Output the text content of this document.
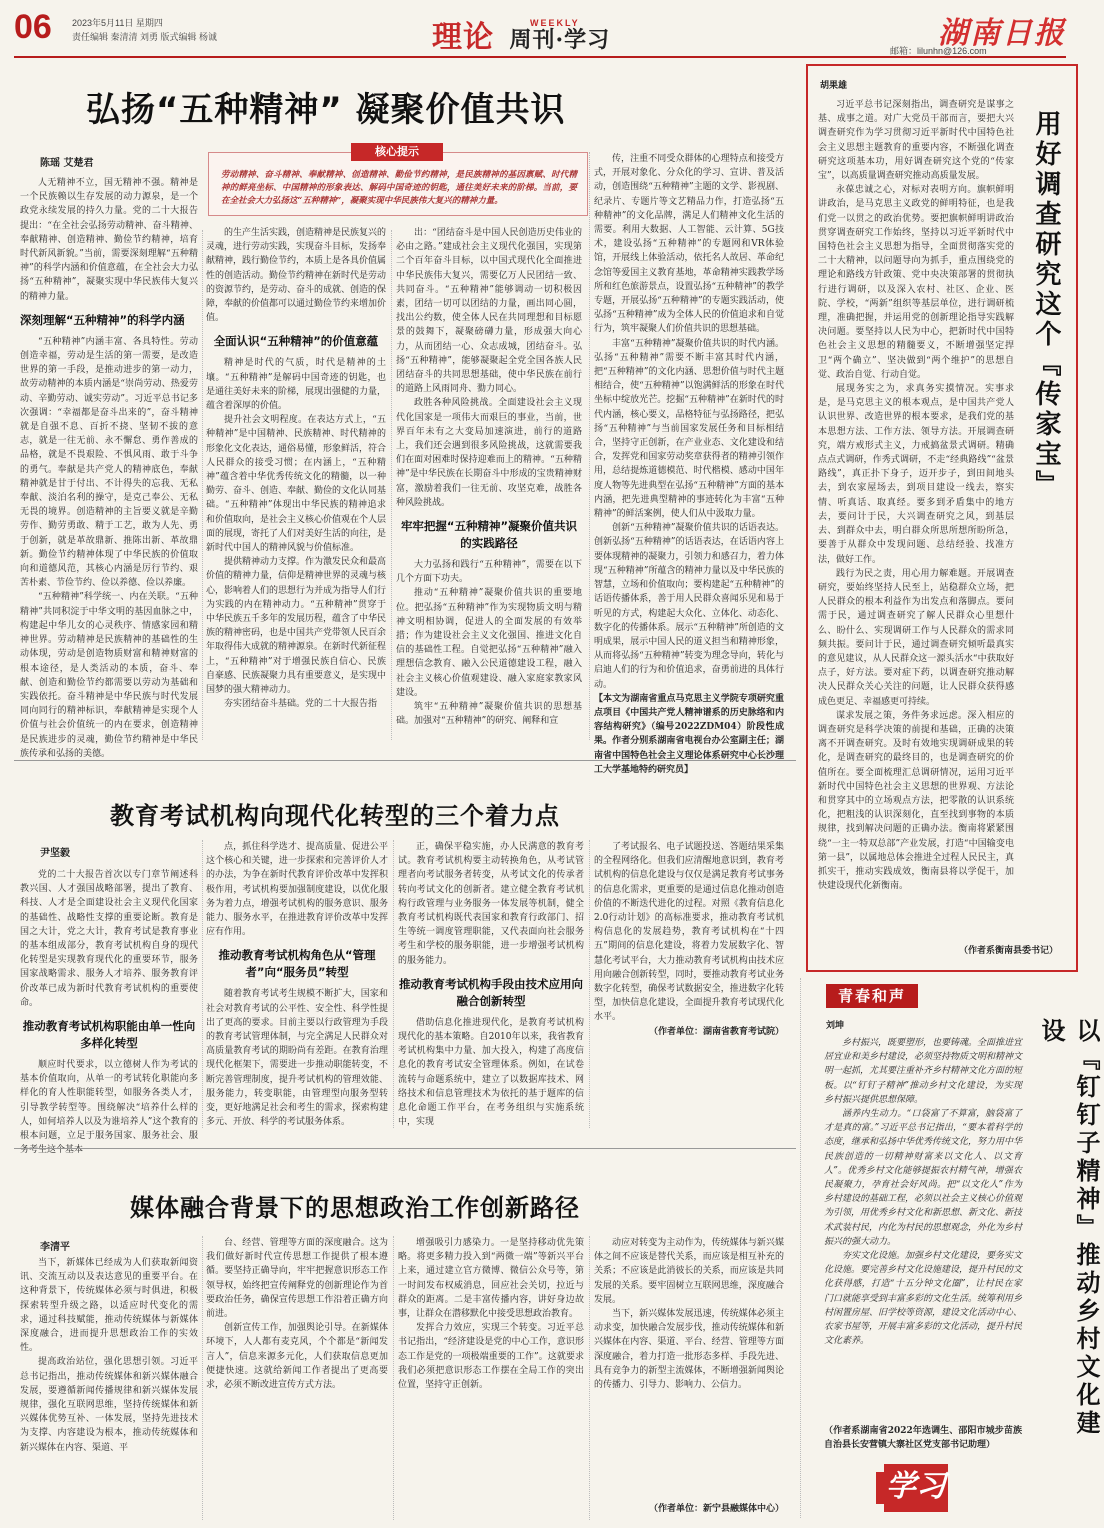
06 2023年5月11日 星期四
责任编辑 秦清清 刘勇 版式编辑 杨诚	理论	WEEKLY
周刊·学习	邮箱：lilunhn@126.com
湖南日报
弘扬“五种精神” 凝聚价值共识
陈瑶 艾楚君
核心提示
劳动精神、奋斗精神、奉献精神、创造精神、勤俭节约精神，是民族精神的基因禀赋、时代精神的鲜亮坐标、中国精神的形象表达、解码中国奇迹的钥匙，通往美好未来的阶梯。当前，要在全社会大力弘扬这“五种精神”，凝聚实现中华民族伟大复兴的精神力量。

人无精神不立，国无精神不强。精神是一个民族赖以生存发展的动力源泉，是一个政党永续发展的持久力量。党的二十大报告提出：“在全社会弘扬劳动精神、奋斗精神、奉献精神、创造精神、勤俭节约精神，培育时代新风新貌。”当前，需要深刻理解“五种精神”的科学内涵和价值意蕴，在全社会大力弘扬“五种精神”，凝聚实现中华民族伟大复兴的精神力量。

深刻理解“五种精神”的科学内涵

“五种精神”内涵丰富、各具特性。劳动创造幸福，劳动是生活的第一需要，是改造世界的第一手段，是推动进步的第一动力，故劳动精神的本质内涵是“崇尚劳动、热爱劳动、辛勤劳动、诚实劳动”。习近平总书记多次强调：“幸福都是奋斗出来的”，奋斗精神就是自强不息、百折不挠、坚韧不拔的意志，就是一往无前、永不懈怠、勇作善成的品格，就是不畏艰险、不惧风雨、敢于斗争的勇气。奉献是共产党人的精神底色，奉献精神就是甘于付出、不计得失的忘我、无私奉献、淡泊名利的操守，是克己奉公、无私无畏的境界。创造精神的主旨要义就是辛勤劳作、勤劳勇敢、精于工艺，敢为人先、勇于创新，就是革故鼎新、推陈出新、革故鼎新。勤俭节约精神体现了中华民族的价值取向和道德风范，其核心内涵是厉行节约、艰苦朴素、节俭节约、俭以养德、俭以养廉。

“五种精神”科学统一、内在关联。“五种精神”共同积淀于中华文明的基因血脉之中，构建起中华儿女的心灵秩序、情感家园和精神世界。劳动精神是民族精神的基础性的生动体现，劳动是创造物质财富和精神财富的根本途径，是人类活动的本质，奋斗、奉献、创造和勤俭节约都需要以劳动为基础和实践依托。奋斗精神是中华民族与时代发展同向同行的精神标识，奉献精神是实现个人价值与社会价值统一的内在要求，创造精神是民族进步的灵魂，勤俭节约精神是中华民族传承和弘扬的美德。

的生产生活实践，创造精神是民族复兴的灵魂，进行劳动实践，实现奋斗目标，发扬奉献精神，践行勤俭节约，本质上是各具价值属性的创造活动。勤俭节约精神在新时代是劳动的资源节约，是劳动、奋斗的成就、创造的保障，奉献的价值都可以通过勤俭节约来增加价值。

全面认识“五种精神”的价值意蕴

精神是时代的气质，时代是精神的土壤。“五种精神”是解码中国奇迹的钥匙，也是通往美好未来的阶梯，展现出强健的力量，蕴含着深厚的价值。

提升社会文明程度。在表达方式上，“五种精神”是中国精神、民族精神、时代精神的形象化文化表达，通俗易懂，形象鲜活，符合人民群众的接受习惯；在内涵上，“五种精神”蕴含着中华优秀传统文化的精髓，以一种勤劳、奋斗、创造、奉献、勤俭的文化认同基础。“五种精神”体现出中华民族的精神追求和价值取向，是社会主义核心价值观在个人层面的展现，寄托了人们对美好生活的向往，是新时代中国人的精神风貌与价值标准。

提供精神动力支撑。作为激发民众和最高价值的精神力量，信仰是精神世界的灵魂与核心，影响着人们的思想行为并成为指导人们行为实践的内在精神动力。“五种精神”贯穿于中华民族五千多年的发展历程，蕴含了中华民族的精神密码，也是中国共产党带领人民百余年取得伟大成就的精神源泉。在新时代新征程上，“五种精神”对于增强民族自信心、民族自豪感、民族凝聚力具有重要意义，是实现中国梦的强大精神动力。

夯实团结奋斗基础。党的二十大报告指

出：“团结奋斗是中国人民创造历史伟业的必由之路。”建成社会主义现代化强国，实现第二个百年奋斗目标，以中国式现代化全面推进中华民族伟大复兴，需要亿万人民团结一致、共同奋斗。“五种精神”能够调动一切积极因素，团结一切可以团结的力量，画出同心圆，找出公约数，使全体人民在共同理想和目标愿景的鼓舞下，凝聚磅礴力量，形成强大向心力，从而团结一心、众志成城，团结奋斗。弘扬“五种精神”，能够凝聚起全党全国各族人民团结奋斗的共同思想基础，使中华民族在前行的道路上风雨同舟、勠力同心。

政胜各种风险挑战。全面建设社会主义现代化国家是一项伟大而艰巨的事业，当前，世界百年未有之大变局加速演进，前行的道路上，我们还会遇到很多风险挑战，这就需要我们在面对困难时保持迎难而上的精神。“五种精神”是中华民族在长期奋斗中形成的宝贵精神财富，激励着我们一往无前、攻坚克难，战胜各种风险挑战。

牢牢把握“五种精神”凝聚价值共识的实践路径

大力弘扬和践行“五种精神”，需要在以下几个方面下功夫。

推动“五种精神”凝聚价值共识的重要地位。把弘扬“五种精神”作为实现物质文明与精神文明相协调，促进人的全面发展的有效举措；作为建设社会主义文化强国、推进文化自信的基础性工程。自觉把弘扬“五种精神”融入理想信念教育、融入公民道德建设工程，融入社会主义核心价值观建设、融入家庭家教家风建设。

筑牢“五种精神”凝聚价值共识的思想基础。加强对“五种精神”的研究、阐释和宣

传，注重不同受众群体的心理特点和接受方式，开展对象化、分众化的学习、宣讲、普及活动，创造围绕“五种精神”主题的文学、影视剧、纪录片、专题片等文艺精品力作，打造弘扬“五种精神”的文化品牌，满足人们精神文化生活的需要。利用大数据、人工智能、云计算、5G技术，建设弘扬“五种精神”的专题网和VR体验馆，开展线上体验活动，依托名人故居、革命纪念馆等爱国主义教育基地，革命精神实践教学场所和红色旅游景点，设置弘扬“五种精神”的教学专题，开展弘扬“五种精神”的专题实践活动，使弘扬“五种精神”成为全体人民的价值追求和自觉行为，筑牢凝聚人们价值共识的思想基础。

丰富“五种精神”凝聚价值共识的时代内涵。弘扬“五种精神”需要不断丰富其时代内涵，把“五种精神”的文化内涵、思想价值与时代主题相结合，使“五种精神”以饱满鲜活的形象在时代坐标中绽放光芒。挖掘“五种精神”在新时代的时代内涵，核心要义，品格特征与弘扬路径，把弘扬“五种精神”与当前国家发展任务和目标相结合，坚持守正创新，在产业业态、文化建设和结合，发挥党和国家劳动奖章获得者的精神引领作用，总结提炼道德模范、时代楷模、感动中国年度人物等先进典型在弘扬“五种精神”方面的基本内涵，把先进典型精神的事迹转化为丰富“五种精神”的鲜活案例，使人们从中汲取力量。

创新“五种精神”凝聚价值共识的话语表达。创新弘扬“五种精神”的话语表达，在话语内容上要体现精神的凝聚力，引领力和感召力，着力体现“五种精神”所蕴含的精神力量以及中华民族的智慧，立场和价值取向；要构建起“五种精神”的话语传播体系，善于用人民群众喜闻乐见和易于听见的方式，构建起大众化、立体化、动态化、数字化的传播体系。展示“五种精神”所创造的文明成果，展示中国人民的道义担当和精神形象，从而将弘扬“五种精神”转变为理念导向，转化与启迪人们的行为和价值追求，奋勇前进的具体行动。

【本文为湖南省重点马克思主义学院专项研究重点项目《中国共产党人精神谱系的历史脉络和内容结构研究》（编号2022ZDM04）阶段性成果。作者分别系湖南省电视台办公室副主任；湖南省中国特色社会主义理论体系研究中心长沙理工大学基地特约研究员】

胡果雄
用好调查研究这个『传家宝』

习近平总书记深刻指出，调查研究是谋事之基、成事之道。对广大党员干部而言，要把大兴调查研究作为学习贯彻习近平新时代中国特色社会主义思想主题教育的重要内容，不断强化调查研究这项基本功，用好调查研究这个党的“传家宝”，以高质量调查研究推动高质量发展。

永葆忠诚之心，对标对表明方向。旗帜鲜明讲政治，是马克思主义政党的鲜明特征，也是我们党一以贯之的政治优势。要把旗帜鲜明讲政治贯穿调查研究工作始终，坚持以习近平新时代中国特色社会主义思想为指导，全面贯彻落实党的二十大精神，以问题导向为抓手，重点围绕党的理论和路线方针政策、党中央决策部署的贯彻执行进行调研，以及深入农村、社区、企业、医院、学校，“两新”组织等基层单位，进行调研梳理，准确把握，并运用党的创新理论指导实践解决问题。要坚持以人民为中心，把新时代中国特色社会主义思想的精髓要义，不断增强坚定捍卫“两个确立”、坚决做到“两个维护”的思想自觉、政治自觉、行动自觉。

展现务实之为，求真务实摸情况。实事求是，是马克思主义的根本观点，是中国共产党人认识世界、改造世界的根本要求，是我们党的基本思想方法、工作方法、领导方法。开展调查研究，端方戒形式主义，力戒搞盆景式调研。精确点点式调研，作秀式调研，不走“经典路线”“盆景路线”，真正扑下身子，迈开步子，到田间地头去，到农家屋场去，到项目建设一线去，察实情、听真话、取真经。要多到矛盾集中的地方去，要问计于民，大兴调查研究之风，到基层去、到群众中去，明白群众所思所想所盼所急，要善于从群众中发现问题、总结经验、找准方法，做好工作。

践行为民之责，用心用力解难题。开展调查研究，要始终坚持人民至上，站稳群众立场，把人民群众的根本利益作为出发点和落脚点。要问需于民，通过调查研究了解人民群众心里想什么、盼什么、实现调研工作与人民群众的需求同频共振。要问计于民，通过调查研究倾听最真实的意见建议，从人民群众这一源头活水“中获取好点子，好方法。要对症下药，以调查研究推动解决人民群众关心关注的问题，让人民群众获得感成色更足、幸福感更可持续。

谋求发展之策，务件务求远虑。深入相应的调查研究是科学决策的前提和基础，正确的决策离不开调查研究。及时有效地实现调研成果的转化，是调查研究的最终目的，也是调查研究的价值所在。要全面梳理汇总调研情况，运用习近平新时代中国特色社会主义思想的世界观、方法论和贯穿其中的立场观点方法，把零散的认识系统化，把粗浅的认识深刻化，直至找到事物的本质规律，找到解决问题的正确办法。衡南将紧紧围绕“一主一特双总部”产业发展，打造“中国输变电第一县”，以属地总体会推进全过程人民民主，真抓实干，推动实践成效，衡南县将以学促干，加快建设现代化新衡南。

（作者系衡南县委书记）

教育考试机构向现代化转型的三个着力点
尹坚毅

党的二十大报告首次以专门章节阐述科教兴国、人才强国战略部署，提出了教育、科技、人才是全面建设社会主义现代化国家的基础性、战略性支撑的重要论断。教育是国之大计，党之大计，教育考试是教育事业的基本组成部分，教育考试机构自身的现代化转型是实现教育现代化的重要环节，服务国家战略需求、服务人才培养、服务教育评价改革已成为新时代教育考试机构的重要使命。

推动教育考试机构职能由单一性向多样化转型

顺应时代要求，以立德树人作为考试的基本价值取向，从单一的考试转化职能向多样化的育人性职能转型，如服务各类人才，引导教学转型等。围绕解决“培养什么样的人，如何培养人以及为谁培养人”这个教育的根本问题，立足于服务国家、服务社会、服务考生这个基本

点，抓住科学选才、提高质量、促进公平这个核心和关键，进一步探索和完善评价人才的办法，为争在新时代教育评价改革中发挥积极作用，考试机构要加强制度建设，以优化服务为着力点，增强考试机构的服务意识、服务能力、服务水平，在推进教育评价改革中发挥应有作用。

推动教育考试机构角色从“管理者”向“服务员”转型

随着教育考试考生规模不断扩大，国家和社会对教育考试的公平性、安全性、科学性提出了更高的要求。目前主要以行政管理为手段的教育考试管理体制，与完全满足人民群众对高质量教育考试的期盼尚有差距。在教育治理现代化框架下，需要进一步推动职能转变，不断完善管理制度，提升考试机构的管理效能、服务能力，转变职能，由管理型向服务型转变，更好地满足社会和考生的需求，探索构建多元、开放、科学的考试服务体系。

正，确保平稳实施，办人民满意的教育考试。教育考试机构要主动转换角色，从考试管理者向考试服务者转变，从考试文化的传承者转向考试文化的创新者。建立健全教育考试机构行政管理与业务服务一体发展等机制，健全教育考试机构既代表国家和教育行政部门、招生等统一调度管理职能，又代表面向社会服务考生和学校的服务职能，进一步增强考试机构的服务能力。

推动教育考试机构手段由技术应用向融合创新转型

借助信息化推进现代化，是教育考试机构现代化的基本策略。自2010年以来，我省教育考试机构集中力量、加大投入，构建了高度信息化的教育考试安全管理体系。例如，在试卷流转与命题系统中，建立了以数据库技术、网络技术和信息管理技术为依托的基于题库的信息化命题工作平台，在考务组织与实施系统中，实现

了考试报名、电子试题投送、答题结果采集的全程网络化。但我们应清醒地意识到，教育考试机构的信息化建设与仅仅是满足教育考试事务的信息化需求，更重要的是通过信息化推动创造价值的不断迭代进化的过程。对照《教育信息化2.0行动计划》的高标准要求，推动教育考试机构信息化的发展趋势，教育考试机构在“十四五”期间的信息化建设，将着力发展数字化、智慧化考试平台，大力推动教育考试机构由技术应用向融合创新转型，同时，要推动教育考试业务数字化转型，确保考试数据安全，推进数字化转型，加快信息化建设，全面提升教育考试现代化水平。

（作者单位：湖南省教育考试院）

青春和声
以『钉钉子精神』推动乡村文化建设
刘坤

乡村振兴，既要塑形，也要铸魂。全面推进宜居宜业和美乡村建设，必须坚持物质文明和精神文明一起抓，尤其要注重补齐乡村精神文化方面的短板。以“钉钉子精神”推动乡村文化建设，为实现乡村振兴提供思想保障。

涵养内生动力。“口袋富了不算富，脑袋富了才是真的富。”习近平总书记指出，“要本着科学的态度，继承和弘扬中华优秀传统文化，努力用中华民族创造的一切精神财富来以文化人、以文育人”。优秀乡村文化能够提振农村精气神，增强农民凝聚力，孕育社会好风尚。把“以文化人”作为乡村建设的基础工程，必须以社会主义核心价值观为引领，用优秀乡村文化和新思想、新文化、新技术武装村民，内化为村民的思想观念，外化为乡村振兴的强大动力。

夯实文化设施。加强乡村文化建设，要务实文化设施。要完善乡村文化设施建设，提升村民的文化获得感，打造“十五分钟文化圈”，让村民在家门口就能享受到丰富多彩的文化生活。统筹利用乡村闲置房屋、旧学校等资源，建设文化活动中心、农家书屋等，开展丰富多彩的文化活动，提升村民文化素养。

（作者系湖南省2022年选调生、邵阳市城步苗族自治县长安营镇大寨社区党支部书记助理）

学习
媒体融合背景下的思想政治工作创新路径
李清平

当下，新媒体已经成为人们获取新闻资讯、交流互动以及表达意见的重要平台。在这种背景下，传统媒体必须与时俱进，积极探索转型升级之路，以适应时代变化的需求，通过科技赋能，推动传统媒体与新媒体深度融合，进而提升思想政治工作的实效性。

提高政治站位，强化思想引领。习近平总书记指出，推动传统媒体和新兴媒体融合发展，要遵循新闻传播规律和新兴媒体发展规律，强化互联网思维，坚持传统媒体和新兴媒体优势互补、一体发展，坚持先进技术为支撑、内容建设为根本，推动传统媒体和新兴媒体在内容、渠道、平

台、经营、管理等方面的深度融合。这为我们做好新时代宣传思想工作提供了根本遵循。要坚持正确导向，牢牢把握意识形态工作领导权，始终把宣传阐释党的创新理论作为首要政治任务，确保宣传思想工作沿着正确方向前进。

创新宣传工作，加强舆论引导。在新媒体环境下，人人都有麦克风，个个都是“新闻发言人”，信息来源多元化，人们获取信息更加便捷快速。这就给新闻工作者提出了更高要求，必须不断改进宣传方式方法。

增强吸引力感染力。一是坚持移动优先策略。将更多精力投入到“两微一端”等新兴平台上来，通过建立官方微博、微信公众号等，第一时间发布权威消息，回应社会关切，拉近与群众的距离。二是丰富传播内容，讲好身边故事，让群众在潜移默化中接受思想政治教育。

发挥合力效应，实现三个转变。习近平总书记指出，“经济建设是党的中心工作，意识形态工作是党的一项极端重要的工作”。这就要求我们必须把意识形态工作摆在全局工作的突出位置，坚持守正创新。

动应对转变为主动作为，传统媒体与新兴媒体之间不应该是替代关系，而应该是相互补充的关系；不应该是此消彼长的关系，而应该是共同发展的关系。要牢固树立互联网思维，深度融合发展。

当下，新兴媒体发展迅速，传统媒体必须主动求变，加快融合发展步伐，推动传统媒体和新兴媒体在内容、渠道、平台、经营、管理等方面深度融合，着力打造一批形态多样、手段先进、具有竞争力的新型主流媒体，不断增强新闻舆论的传播力、引导力、影响力、公信力。

（作者单位：新宁县融媒体中心）
